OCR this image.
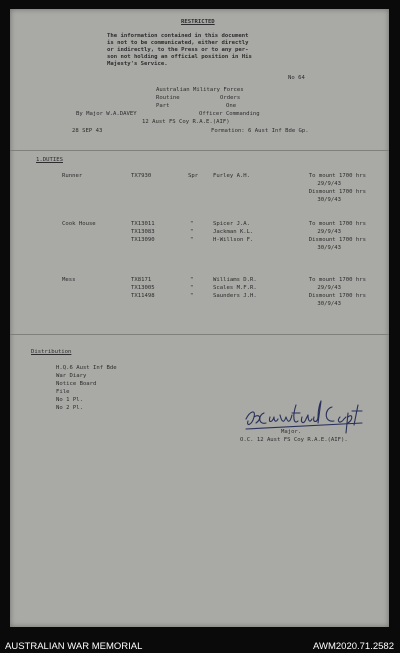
RESTRICTED
The information contained in this document
is not to be communicated, either directly
or indirectly, to the Press or to any per-
son not holding an official position in His
Majesty's Service.
No 64
Australian Military Forces
Routine	Orders
Part	One
By Major W.A.DAVEY	Officer Commanding
12 Aust FS Coy R.A.E.(AIF)
28 SEP 43	Formation: 6 Aust Inf Bde Gp.
1.DUTIES
Runner	TX7930	Spr	Furley A.H.	To mount 1700 hrs
29/9/43
Dismount 1700 hrs
30/9/43
Cook House	TX13011	"	Spicer J.A.	To mount 1700 hrs
TX13083	"	Jackman K.L.	29/9/43
TX13090	"	H-Willson F.	Dismount 1700 hrs
30/9/43
Mess	TX8171	"	Williams D.R.	To mount 1700 hrs
TX13005	"	Scales M.F.R.	29/9/43
TX11498	"	Saunders J.H.	Dismount 1700 hrs
30/9/43
Distribution
H.Q.6 Aust Inf Bde
War Diary
Notice Board
File
No 1 Pl.
No 2 Pl.
Major.
O.C. 12 Aust FS Coy R.A.E.(AIF).
AUSTRALIAN WAR MEMORIAL	AWM2020.71.2582
